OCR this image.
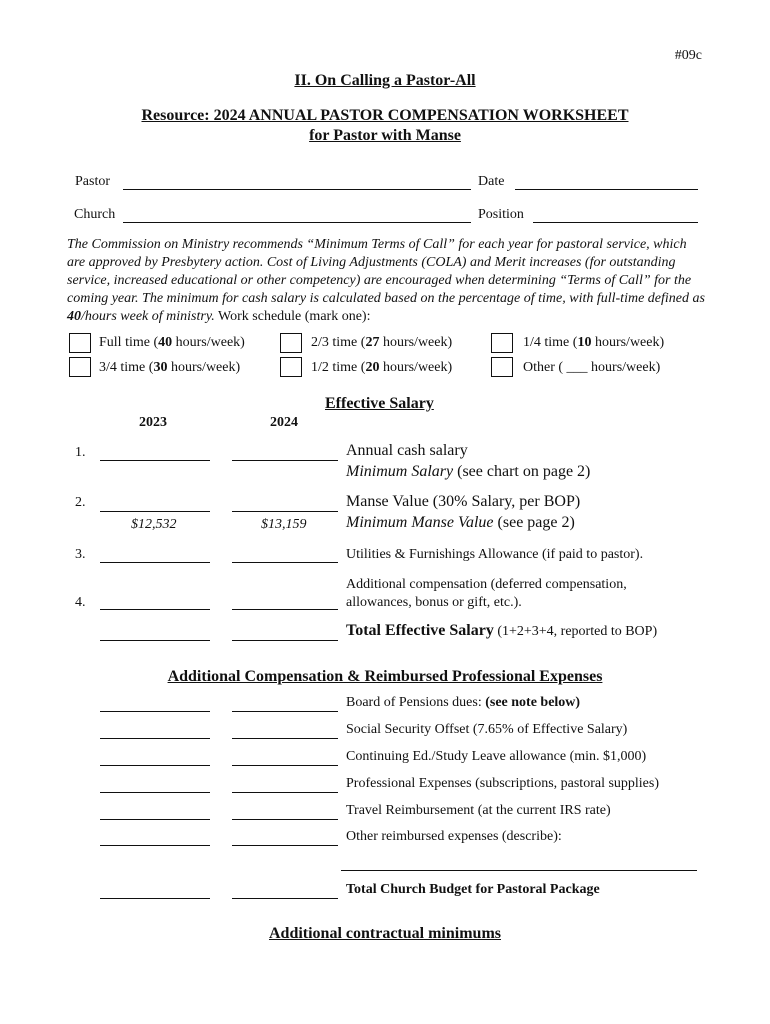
#09c
II. On Calling a Pastor-All
Resource: 2024 ANNUAL PASTOR COMPENSATION WORKSHEET
for Pastor with Manse
Pastor	Date
Church	Position
The Commission on Ministry recommends “Minimum Terms of Call” for each year for pastoral service, which are approved by Presbytery action. Cost of Living Adjustments (COLA) and Merit increases (for outstanding service, increased educational or other competency) are encouraged when determining “Terms of Call” for the coming year. The minimum for cash salary is calculated based on the percentage of time, with full-time defined as 40/hours week of ministry. Work schedule (mark one):
Full time (40 hours/week)	2/3 time (27 hours/week)	1/4 time (10 hours/week)
3/4 time (30 hours/week)	1/2 time (20 hours/week)	Other ( ___ hours/week)
Effective Salary
2023	2024
1.	Annual cash salary
Minimum Salary (see chart on page 2)
2.
$12,532	$13,159
Manse Value (30% Salary, per BOP)
Minimum Manse Value (see page 2)
3.	Utilities & Furnishings Allowance (if paid to pastor).
4.
Additional compensation (deferred compensation,
allowances, bonus or gift, etc.).
Total Effective Salary (1+2+3+4, reported to BOP)
Additional Compensation & Reimbursed Professional Expenses
Board of Pensions dues: (see note below)
Social Security Offset (7.65% of Effective Salary)
Continuing Ed./Study Leave allowance (min. $1,000)
Professional Expenses (subscriptions, pastoral supplies)
Travel Reimbursement (at the current IRS rate)
Other reimbursed expenses (describe):
Total Church Budget for Pastoral Package
Additional contractual minimums
